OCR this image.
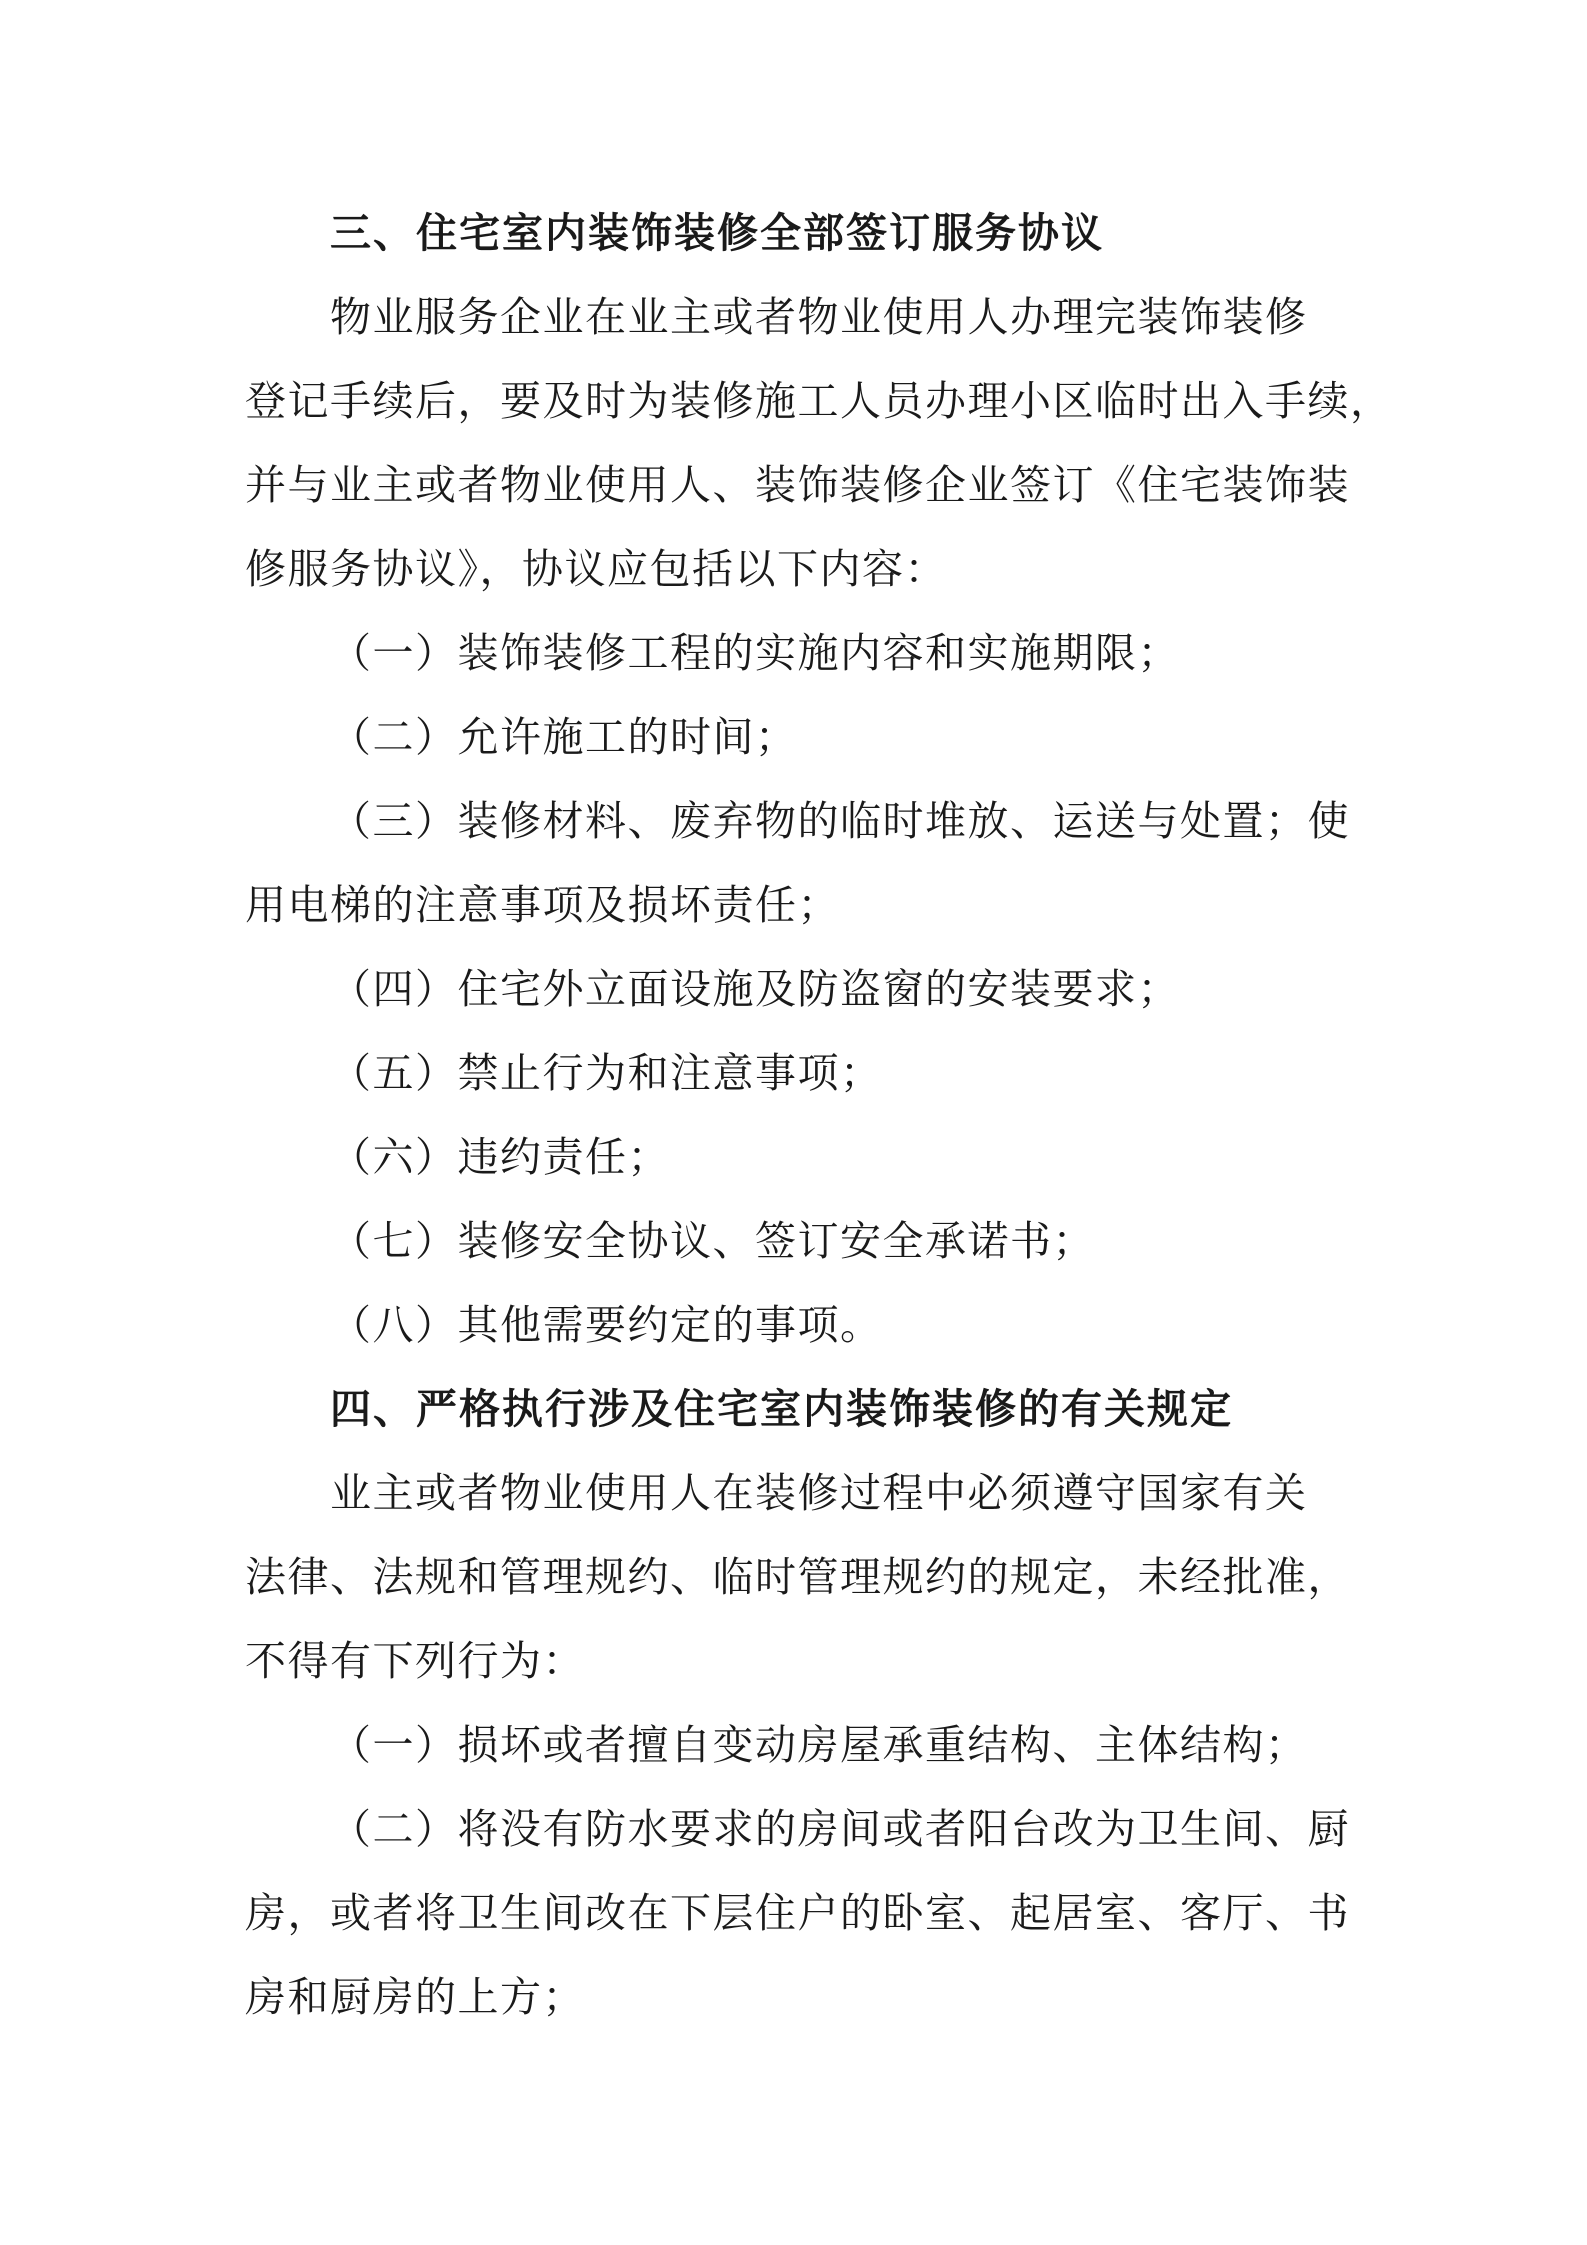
三、住宅室内装饰装修全部签订服务协议
物业服务企业在业主或者物业使用人办理完装饰装修
登记手续后，要及时为装修施工人员办理小区临时出入手续，
并与业主或者物业使用人、装饰装修企业签订《住宅装饰装
修服务协议》，协议应包括以下内容：
（一）装饰装修工程的实施内容和实施期限；
（二）允许施工的时间；
（三）装修材料、废弃物的临时堆放、运送与处置；使
用电梯的注意事项及损坏责任；
（四）住宅外立面设施及防盗窗的安装要求；
（五）禁止行为和注意事项；
（六）违约责任；
（七）装修安全协议、签订安全承诺书；
（八）其他需要约定的事项。
四、严格执行涉及住宅室内装饰装修的有关规定
业主或者物业使用人在装修过程中必须遵守国家有关
法律、法规和管理规约、临时管理规约的规定，未经批准，
不得有下列行为：
（一）损坏或者擅自变动房屋承重结构、主体结构；
（二）将没有防水要求的房间或者阳台改为卫生间、厨
房，或者将卫生间改在下层住户的卧室、起居室、客厅、书
房和厨房的上方；
